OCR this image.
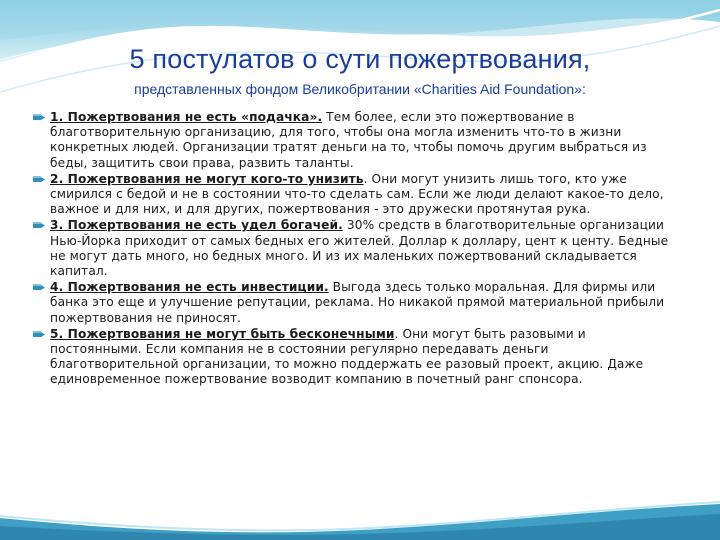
5 постулатов о сути пожертвования,
представленных фондом Великобритании «Charities Aid Foundation»:
1. Пожертвования не есть «подачка». Тем более, если это пожертвование в благотворительную организацию, для того, чтобы она могла изменить что-то в жизни конкретных людей. Организации тратят деньги на то, чтобы помочь другим выбраться из беды, защитить свои права, развить таланты.
2. Пожертвования не могут кого-то унизить. Они могут унизить лишь того, кто уже смирился с бедой и не в состоянии что-то сделать сам. Если же люди делают какое-то дело, важное и для них, и для других, пожертвования - это дружески протянутая рука.
3. Пожертвования не есть удел богачей. 30% средств в благотворительные организации Нью-Йорка приходит от самых бедных его жителей. Доллар к доллару, цент к центу. Бедные не могут дать много, но бедных много. И из их маленьких пожертвований складывается капитал.
4. Пожертвования не есть инвестиции. Выгода здесь только моральная. Для фирмы или банка это еще и улучшение репутации, реклама. Но никакой прямой материальной прибыли пожертвования не приносят.
5. Пожертвования не могут быть бесконечными. Они могут быть разовыми и постоянными. Если компания не в состоянии регулярно передавать деньги благотворительной организации, то можно поддержать ее разовый проект, акцию. Даже единовременное пожертвование возводит компанию в почетный ранг спонсора.
